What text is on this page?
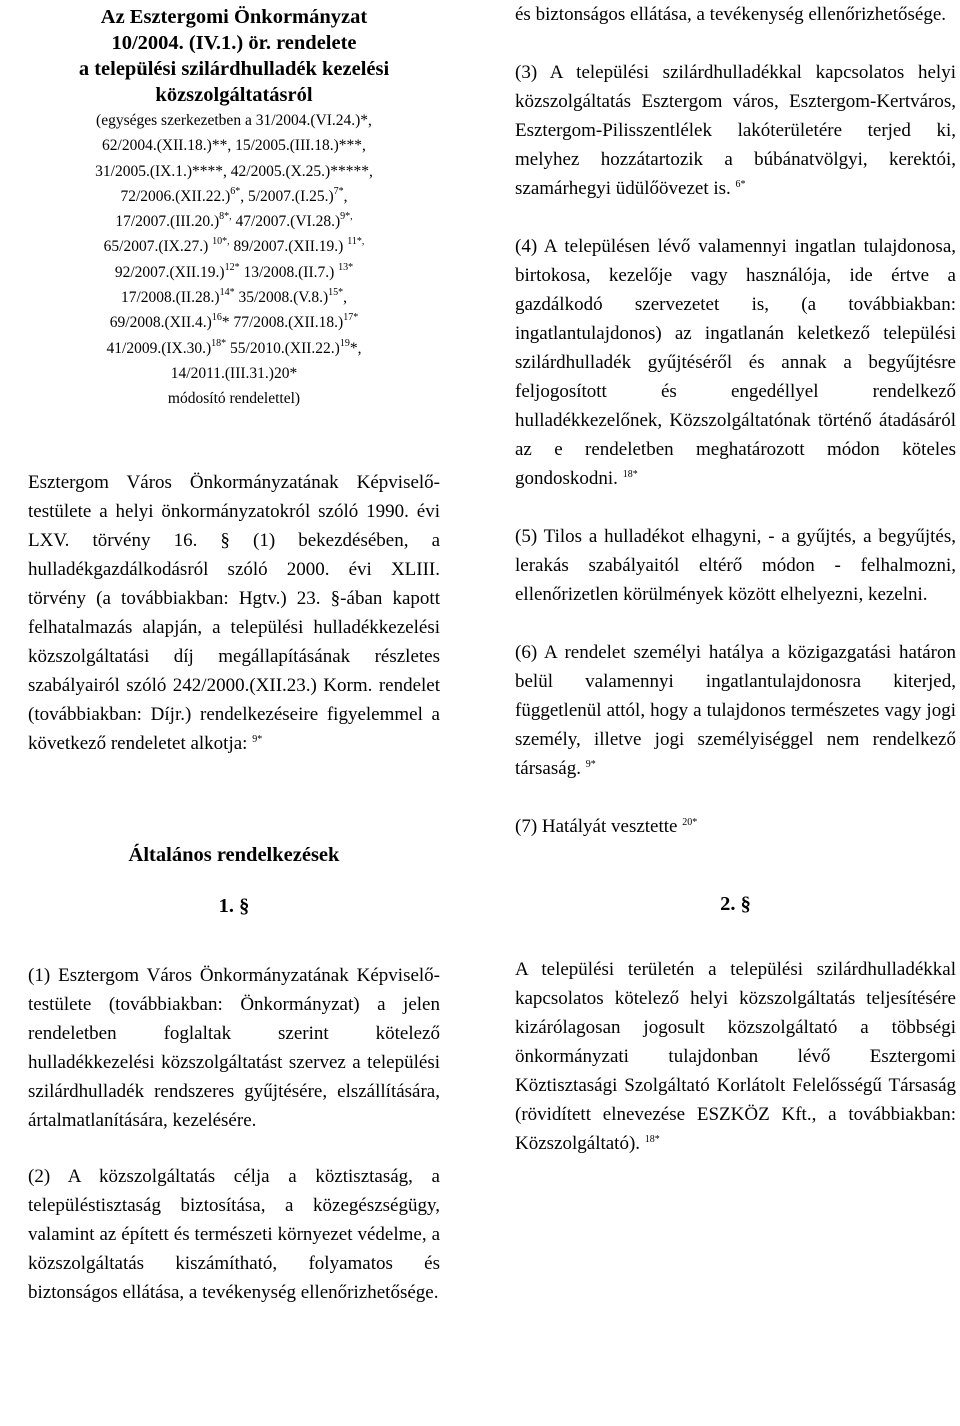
Az Esztergomi Önkormányzat
10/2004. (IV.1.) ör. rendelete
a települési szilárdhulladék kezelési
közszolgáltatásról
(egységes szerkezetben a 31/2004.(VI.24.)*,
62/2004.(XII.18.)**, 15/2005.(III.18.)***,
31/2005.(IX.1.)****, 42/2005.(X.25.)*****,
$72/2006.(XII.22.)^{6*}$, $5/2007.(I.25.)^{7*}$,
$17/2007.(III.20.)^{8*,}$ $47/2007.(VI.28.)^{9*,}$
65/2007.(IX.27.) $^{10*,}$ 89/2007.(XII.19.) $^{11*,}$
$92/2007.(XII.19.)^{12*}$ 13/2008.(II.7.) $^{13*}$
$17/2008.(II.28.)^{14*}$ $35/2008.(V.8.)^{15*}$,
$69/2008.(XII.4.)^{16}*$ $77/2008.(XII.18.)^{17*}$
$41/2009.(IX.30.)^{18*}$ $55/2010.(XII.22.)^{19}*$,
14/2011.(III.31.)20*
módosító rendelettel)

Esztergom Város Önkormányzatának Képviselő-testülete a helyi önkormányzatokról szóló 1990. évi LXV. törvény 16. § (1) bekezdésében, a hulladékgazdálkodásról szóló 2000. évi XLIII. törvény (a továbbiakban: Hgtv.) 23. §-ában kapott felhatalmazás alapján, a települési hulladékkezelési közszolgáltatási díj megállapításának részletes szabályairól szóló 242/2000.(XII.23.) Korm. rendelet (továbbiakban: Díjr.) rendelkezéseire figyelemmel a következő rendeletet alkotja: $^{9*}$

Általános rendelkezések

1. §

(1) Esztergom Város Önkormányzatának Képviselő-testülete (továbbiakban: Önkormányzat) a jelen rendeletben foglaltak szerint kötelező hulladékkezelési közszolgáltatást szervez a települési szilárdhulladék rendszeres gyűjtésére, elszállítására, ártalmatlanítására, kezelésére.

(2) A közszolgáltatás célja a köztisztaság, a településtisztaság biztosítása, a közegészségügy, valamint az épített és természeti környezet védelme, a közszolgáltatás kiszámítható, folyamatos és biztonságos ellátása, a tevékenység ellenőrizhetősége.

és biztonságos ellátása, a tevékenység ellenőrizhetősége.

(3) A települési szilárdhulladékkal kapcsolatos helyi közszolgáltatás Esztergom város, Esztergom-Kertváros, Esztergom-Pilisszentlélek lakóterületére terjed ki, melyhez hozzátartozik a búbánatvölgyi, kerektói, szamárhegyi üdülőövezet is. $^{6*}$

(4) A településen lévő valamennyi ingatlan tulajdonosa, birtokosa, kezelője vagy használója, ide értve a gazdálkodó szervezetet is, (a továbbiakban: ingatlantulajdonos) az ingatlanán keletkező települési szilárdhulladék gyűjtéséről és annak a begyűjtésre feljogosított és engedéllyel rendelkező hulladékkezelőnek, Közszolgáltatónak történő átadásáról az e rendeletben meghatározott módon köteles gondoskodni. $^{18*}$

(5) Tilos a hulladékot elhagyni, - a gyűjtés, a begyűjtés, lerakás szabályaitól eltérő módon - felhalmozni, ellenőrizetlen körülmények között elhelyezni, kezelni.

(6) A rendelet személyi hatálya a közigazgatási határon belül valamennyi ingatlantulajdonosra kiterjed, függetlenül attól, hogy a tulajdonos természetes vagy jogi személy, illetve jogi személyiséggel nem rendelkező társaság. $^{9*}$

(7) Hatályát vesztette $^{20*}$

2. §

A települési területén a települési szilárdhulladékkal kapcsolatos kötelező helyi közszolgáltatás teljesítésére kizárólagosan jogosult közszolgáltató a többségi önkormányzati tulajdonban lévő Esztergomi Köztisztasági Szolgáltató Korlátolt Felelősségű Társaság (rövidített elnevezése ESZKÖZ Kft., a továbbiakban: Közszolgáltató). $^{18*}$
